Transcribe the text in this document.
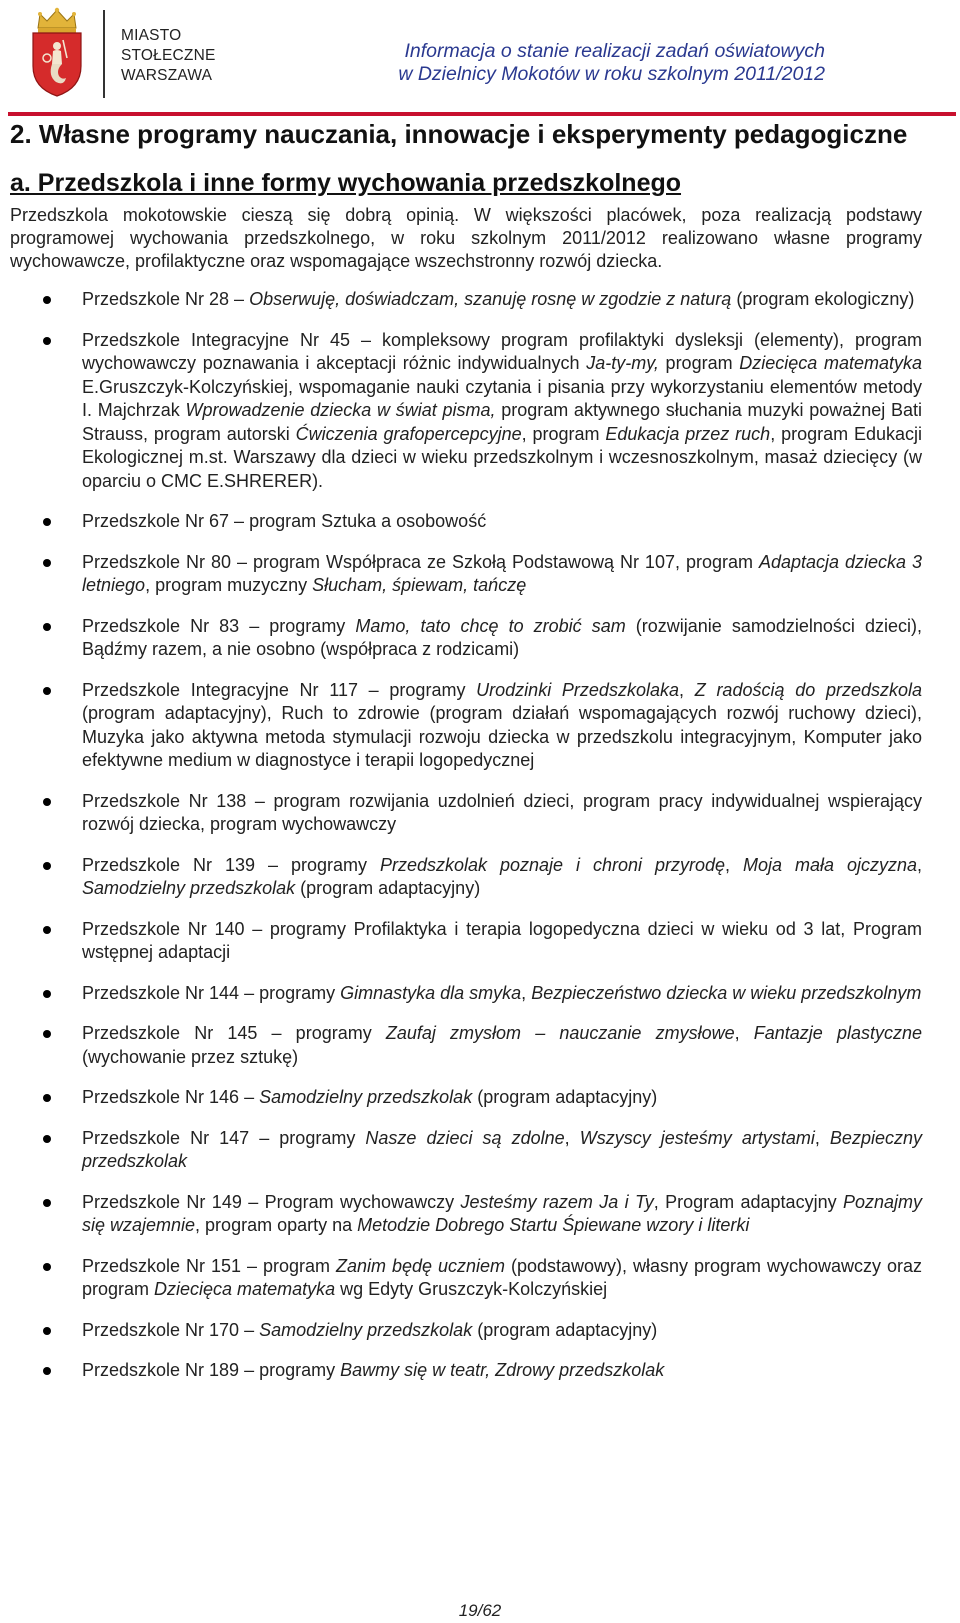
MIASTO
STOŁECZNE
WARSZAWA
Informacja o stanie realizacji zadań oświatowych
w Dzielnicy Mokotów w roku szkolnym 2011/2012
2. Własne programy nauczania, innowacje i eksperymenty pedagogiczne
a. Przedszkola i inne formy wychowania przedszkolnego

Przedszkola mokotowskie cieszą się dobrą opinią. W większości placówek, poza realizacją podstawy programowej wychowania przedszkolnego, w roku szkolnym 2011/2012 realizowano własne programy wychowawcze, profilaktyczne oraz wspomagające wszechstronny rozwój dziecka.

Przedszkole Nr 28 – Obserwuję, doświadczam, szanuję rosnę w zgodzie z naturą (program ekologiczny)
Przedszkole Integracyjne Nr 45 – kompleksowy program profilaktyki dysleksji (elementy), program wychowawczy poznawania i akceptacji różnic indywidualnych Ja-ty-my, program Dziecięca matematyka E.Gruszczyk-Kolczyńskiej, wspomaganie nauki czytania i pisania przy wykorzystaniu elementów metody I. Majchrzak Wprowadzenie dziecka w świat pisma, program aktywnego słuchania muzyki poważnej Bati Strauss, program autorski Ćwiczenia grafopercepcyjne, program Edukacja przez ruch, program Edukacji Ekologicznej m.st. Warszawy dla dzieci w wieku przedszkolnym i wczesnoszkolnym, masaż dziecięcy (w oparciu o CMC E.SHRERER).
Przedszkole Nr 67 – program Sztuka a osobowość
Przedszkole Nr 80 – program Współpraca ze Szkołą Podstawową Nr 107, program Adaptacja dziecka 3 letniego, program muzyczny Słucham, śpiewam, tańczę
Przedszkole Nr 83 – programy Mamo, tato chcę to zrobić sam (rozwijanie samodzielności dzieci), Bądźmy razem, a nie osobno (współpraca z rodzicami)
Przedszkole Integracyjne Nr 117 – programy Urodzinki Przedszkolaka, Z radością do przedszkola (program adaptacyjny), Ruch to zdrowie (program działań wspomagających rozwój ruchowy dzieci), Muzyka jako aktywna metoda stymulacji rozwoju dziecka w przedszkolu integracyjnym, Komputer jako efektywne medium w diagnostyce i terapii logopedycznej
Przedszkole Nr 138 – program rozwijania uzdolnień dzieci, program pracy indywidualnej wspierający rozwój dziecka, program wychowawczy
Przedszkole Nr 139 – programy Przedszkolak poznaje i chroni przyrodę, Moja mała ojczyzna, Samodzielny przedszkolak (program adaptacyjny)
Przedszkole Nr 140 – programy Profilaktyka i terapia logopedyczna dzieci w wieku od 3 lat, Program wstępnej adaptacji
Przedszkole Nr 144 – programy Gimnastyka dla smyka, Bezpieczeństwo dziecka w wieku przedszkolnym
Przedszkole Nr 145 – programy Zaufaj zmysłom – nauczanie zmysłowe, Fantazje plastyczne (wychowanie przez sztukę)
Przedszkole Nr 146 – Samodzielny przedszkolak (program adaptacyjny)
Przedszkole Nr 147 – programy Nasze dzieci są zdolne, Wszyscy jesteśmy artystami, Bezpieczny przedszkolak
Przedszkole Nr 149 – Program wychowawczy Jesteśmy razem Ja i Ty, Program adaptacyjny Poznajmy się wzajemnie, program oparty na Metodzie Dobrego Startu Śpiewane wzory i literki
Przedszkole Nr 151 – program Zanim będę uczniem (podstawowy), własny program wychowawczy oraz program Dziecięca matematyka wg Edyty Gruszczyk-Kolczyńskiej
Przedszkole Nr 170 – Samodzielny przedszkolak (program adaptacyjny)
Przedszkole Nr 189 – programy Bawmy się w teatr, Zdrowy przedszkolak
19/62
